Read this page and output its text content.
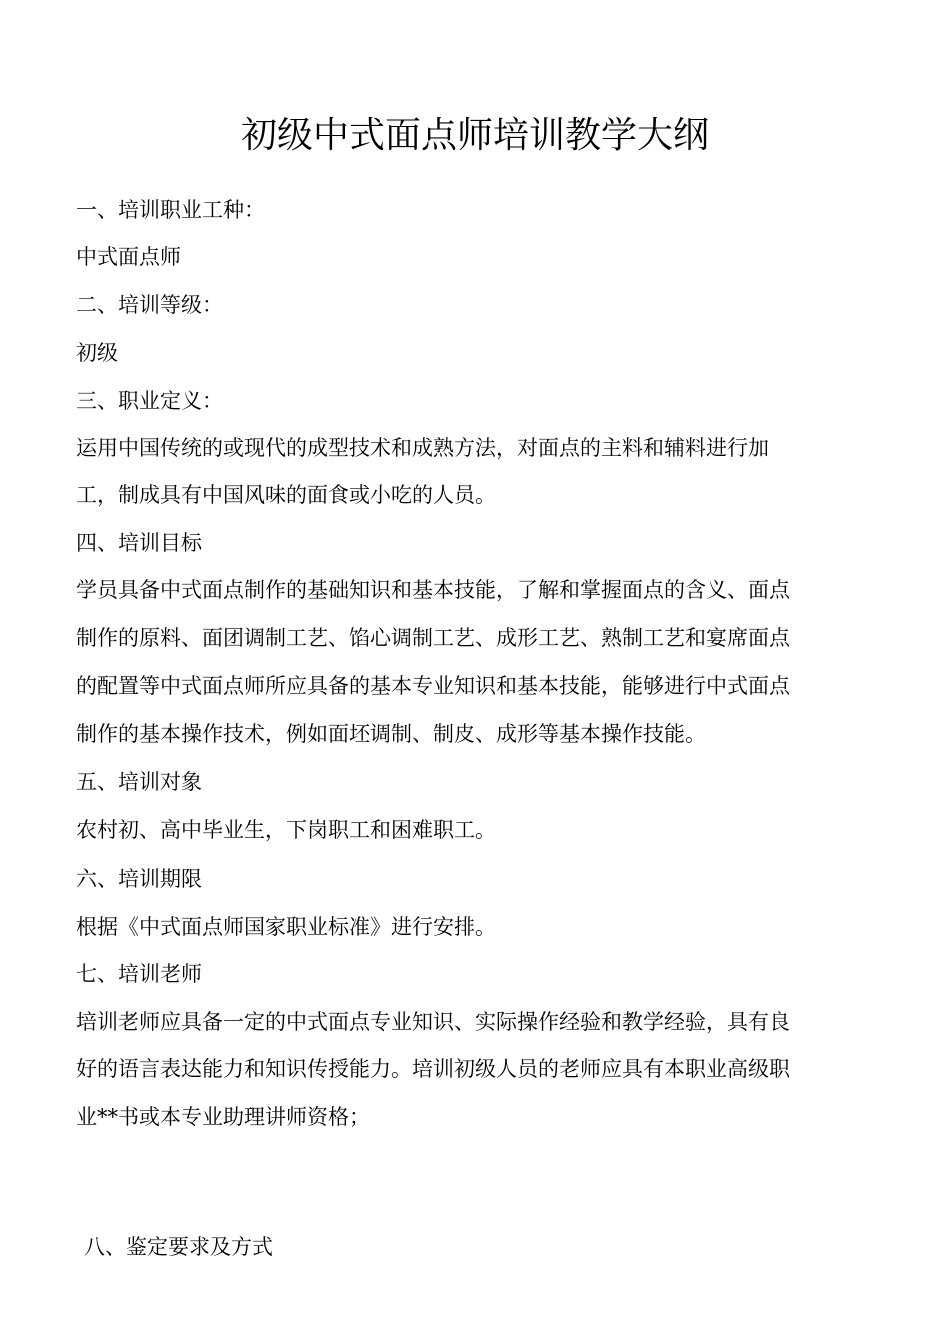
初级中式面点师培训教学大纲
一、培训职业工种：
中式面点师
二、培训等级：
初级
三、职业定义：
运用中国传统的或现代的成型技术和成熟方法，对面点的主料和辅料进行加
工，制成具有中国风味的面食或小吃的人员。
四、培训目标
学员具备中式面点制作的基础知识和基本技能，了解和掌握面点的含义、面点
制作的原料、面团调制工艺、馅心调制工艺、成形工艺、熟制工艺和宴席面点
的配置等中式面点师所应具备的基本专业知识和基本技能，能够进行中式面点
制作的基本操作技术，例如面坯调制、制皮、成形等基本操作技能。
五、培训对象
农村初、高中毕业生，下岗职工和困难职工。
六、培训期限
根据《中式面点师国家职业标准》进行安排。
七、培训老师
培训老师应具备一定的中式面点专业知识、实际操作经验和教学经验，具有良
好的语言表达能力和知识传授能力。培训初级人员的老师应具有本职业高级职
业**书或本专业助理讲师资格；
八、鉴定要求及方式
